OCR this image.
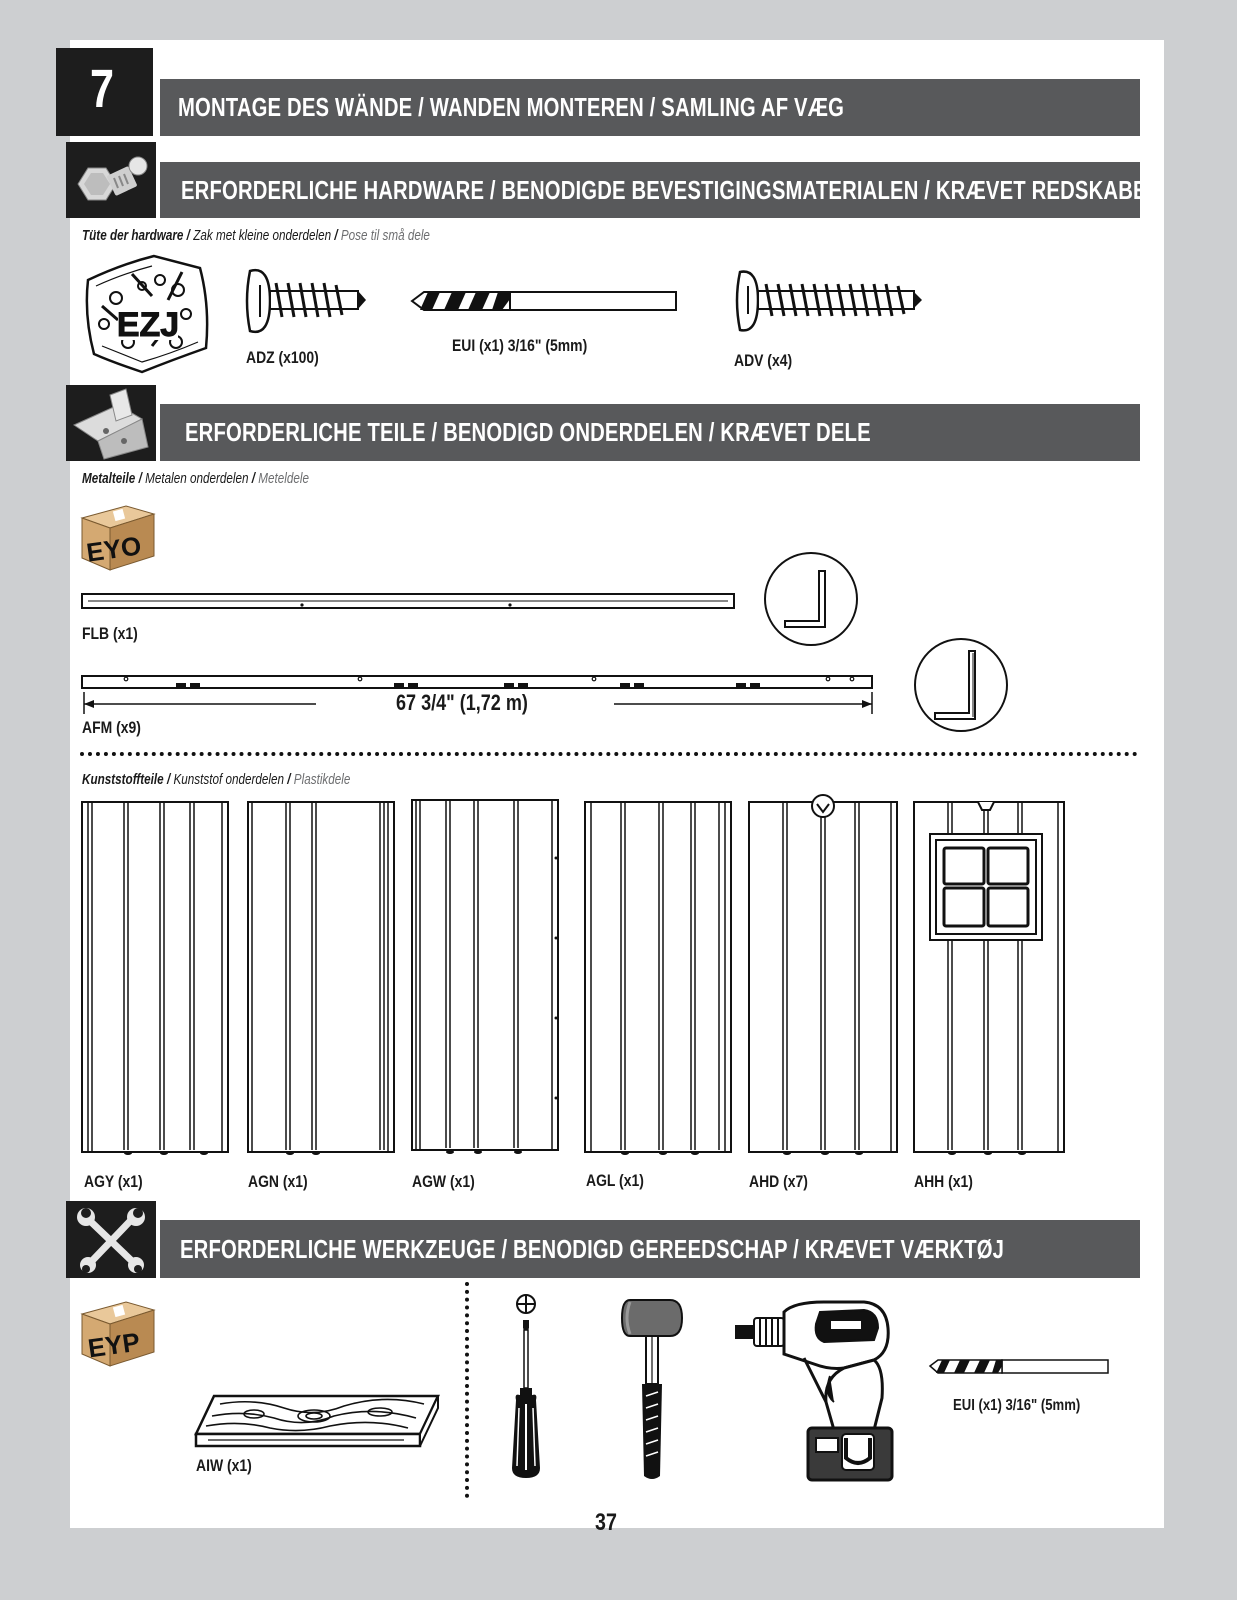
7 MONTAGE DES WÄNDE / WANDEN MONTEREN / SAMLING AF VÆG
ERFORDERLICHE HARDWARE / BENODIGDE BEVESTIGINGSMATERIALEN / KRÆVET REDSKABER
Tüte der hardware / Zak met kleine onderdelen / Pose til små dele
EZJ
ADZ (x100)
EUI (x1) 3/16" (5mm)
ADV (x4)
ERFORDERLICHE TEILE / BENODIGD ONDERDELEN / KRÆVET DELE
Metalteile / Metalen onderdelen / Meteldele
EYO
FLB (x1)
67 3/4" (1,72 m)
AFM (x9)
Kunststoffteile / Kunststof onderdelen / Plastikdele
AGY (x1)	AGN (x1)	AGW (x1)	AGL (x1)	AHD (x7)	AHH (x1)
ERFORDERLICHE WERKZEUGE / BENODIGD GEREEDSCHAP / KRÆVET VÆRKTØJ
EYP
AIW (x1)
EUI (x1) 3/16" (5mm)
37
